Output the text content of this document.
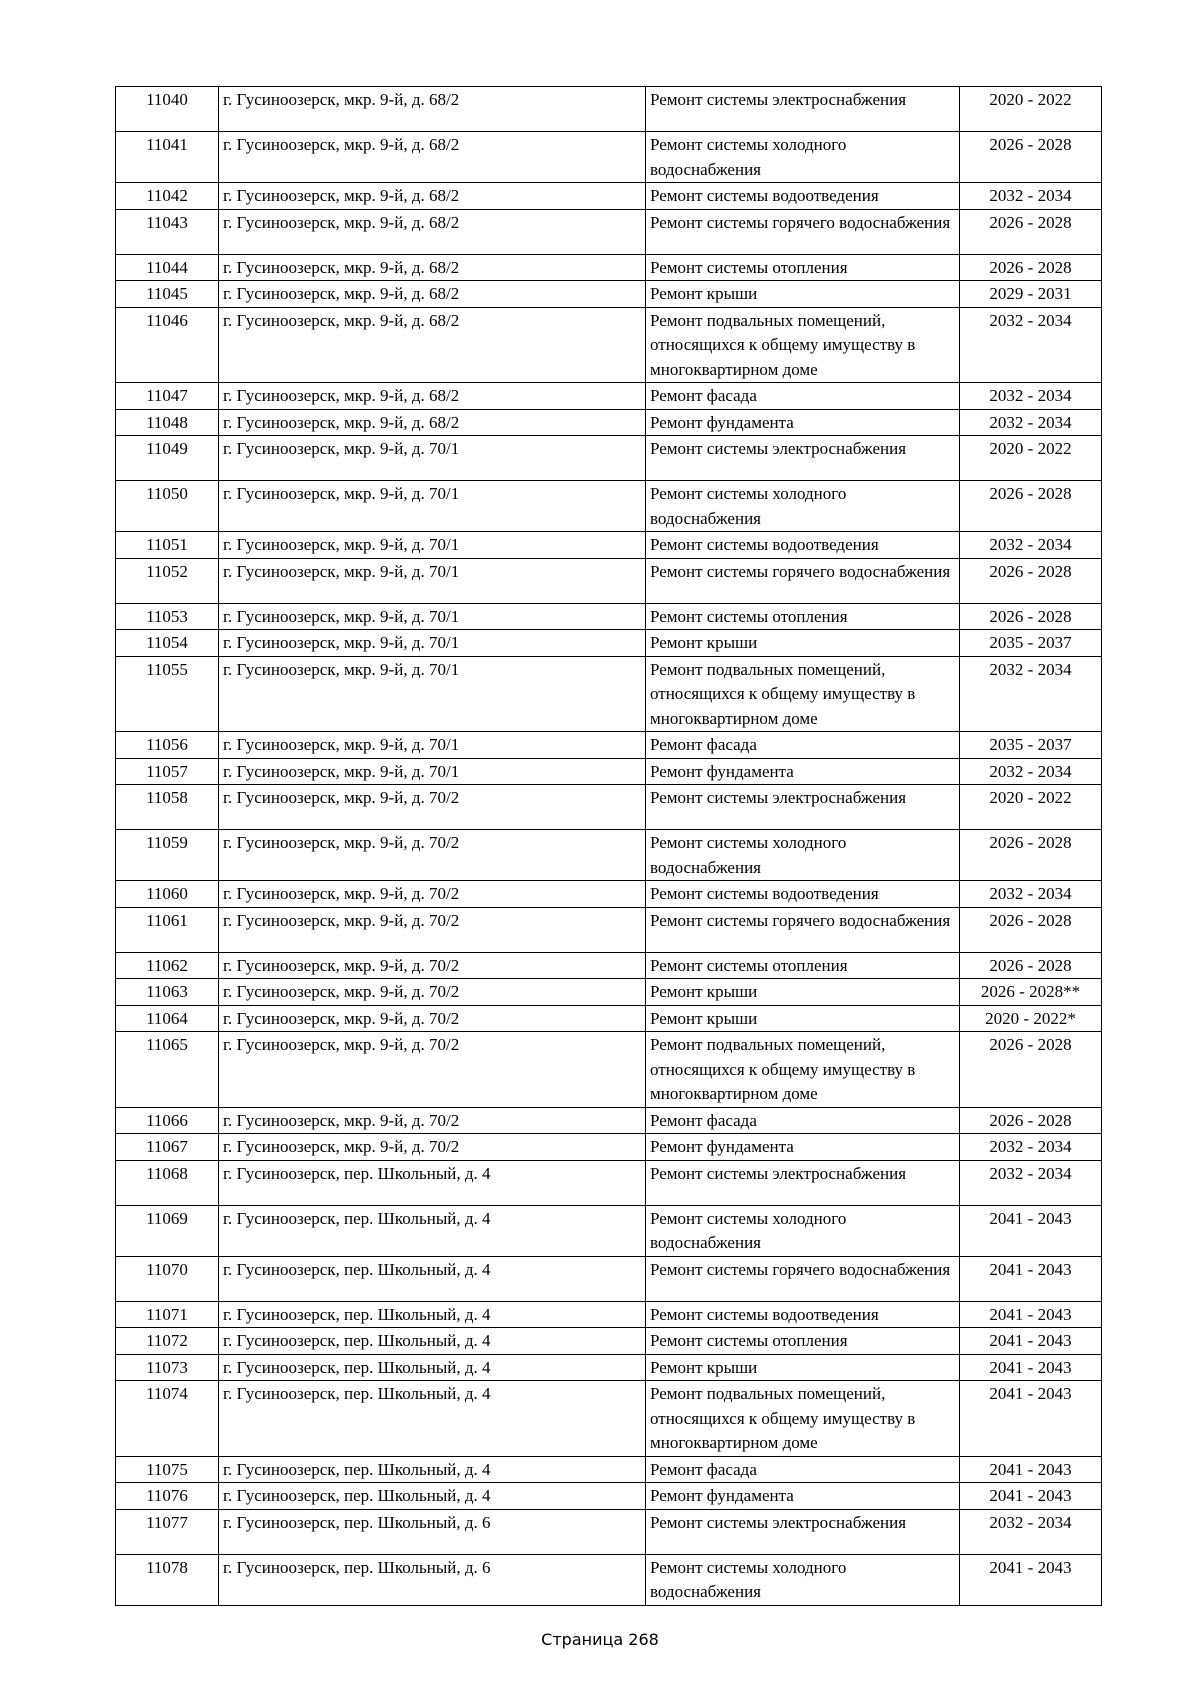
11040	г. Гусиноозерск, мкр. 9-й, д. 68/2	Ремонт системы электроснабжения	2020 - 2022
11041	г. Гусиноозерск, мкр. 9-й, д. 68/2	Ремонт системы холодного водоснабжения	2026 - 2028
11042	г. Гусиноозерск, мкр. 9-й, д. 68/2	Ремонт системы водоотведения	2032 - 2034
11043	г. Гусиноозерск, мкр. 9-й, д. 68/2	Ремонт системы горячего водоснабжения	2026 - 2028
11044	г. Гусиноозерск, мкр. 9-й, д. 68/2	Ремонт системы отопления	2026 - 2028
11045	г. Гусиноозерск, мкр. 9-й, д. 68/2	Ремонт крыши	2029 - 2031
11046	г. Гусиноозерск, мкр. 9-й, д. 68/2	Ремонт подвальных помещений, относящихся к общему имуществу в многоквартирном доме	2032 - 2034
11047	г. Гусиноозерск, мкр. 9-й, д. 68/2	Ремонт фасада	2032 - 2034
11048	г. Гусиноозерск, мкр. 9-й, д. 68/2	Ремонт фундамента	2032 - 2034
11049	г. Гусиноозерск, мкр. 9-й, д. 70/1	Ремонт системы электроснабжения	2020 - 2022
11050	г. Гусиноозерск, мкр. 9-й, д. 70/1	Ремонт системы холодного водоснабжения	2026 - 2028
11051	г. Гусиноозерск, мкр. 9-й, д. 70/1	Ремонт системы водоотведения	2032 - 2034
11052	г. Гусиноозерск, мкр. 9-й, д. 70/1	Ремонт системы горячего водоснабжения	2026 - 2028
11053	г. Гусиноозерск, мкр. 9-й, д. 70/1	Ремонт системы отопления	2026 - 2028
11054	г. Гусиноозерск, мкр. 9-й, д. 70/1	Ремонт крыши	2035 - 2037
11055	г. Гусиноозерск, мкр. 9-й, д. 70/1	Ремонт подвальных помещений, относящихся к общему имуществу в многоквартирном доме	2032 - 2034
11056	г. Гусиноозерск, мкр. 9-й, д. 70/1	Ремонт фасада	2035 - 2037
11057	г. Гусиноозерск, мкр. 9-й, д. 70/1	Ремонт фундамента	2032 - 2034
11058	г. Гусиноозерск, мкр. 9-й, д. 70/2	Ремонт системы электроснабжения	2020 - 2022
11059	г. Гусиноозерск, мкр. 9-й, д. 70/2	Ремонт системы холодного водоснабжения	2026 - 2028
11060	г. Гусиноозерск, мкр. 9-й, д. 70/2	Ремонт системы водоотведения	2032 - 2034
11061	г. Гусиноозерск, мкр. 9-й, д. 70/2	Ремонт системы горячего водоснабжения	2026 - 2028
11062	г. Гусиноозерск, мкр. 9-й, д. 70/2	Ремонт системы отопления	2026 - 2028
11063	г. Гусиноозерск, мкр. 9-й, д. 70/2	Ремонт крыши	2026 - 2028**
11064	г. Гусиноозерск, мкр. 9-й, д. 70/2	Ремонт крыши	2020 - 2022*
11065	г. Гусиноозерск, мкр. 9-й, д. 70/2	Ремонт подвальных помещений, относящихся к общему имуществу в многоквартирном доме	2026 - 2028
11066	г. Гусиноозерск, мкр. 9-й, д. 70/2	Ремонт фасада	2026 - 2028
11067	г. Гусиноозерск, мкр. 9-й, д. 70/2	Ремонт фундамента	2032 - 2034
11068	г. Гусиноозерск, пер. Школьный, д. 4	Ремонт системы электроснабжения	2032 - 2034
11069	г. Гусиноозерск, пер. Школьный, д. 4	Ремонт системы холодного водоснабжения	2041 - 2043
11070	г. Гусиноозерск, пер. Школьный, д. 4	Ремонт системы горячего водоснабжения	2041 - 2043
11071	г. Гусиноозерск, пер. Школьный, д. 4	Ремонт системы водоотведения	2041 - 2043
11072	г. Гусиноозерск, пер. Школьный, д. 4	Ремонт системы отопления	2041 - 2043
11073	г. Гусиноозерск, пер. Школьный, д. 4	Ремонт крыши	2041 - 2043
11074	г. Гусиноозерск, пер. Школьный, д. 4	Ремонт подвальных помещений, относящихся к общему имуществу в многоквартирном доме	2041 - 2043
11075	г. Гусиноозерск, пер. Школьный, д. 4	Ремонт фасада	2041 - 2043
11076	г. Гусиноозерск, пер. Школьный, д. 4	Ремонт фундамента	2041 - 2043
11077	г. Гусиноозерск, пер. Школьный, д. 6	Ремонт системы электроснабжения	2032 - 2034
11078	г. Гусиноозерск, пер. Школьный, д. 6	Ремонт системы холодного водоснабжения	2041 - 2043
Страница 268
